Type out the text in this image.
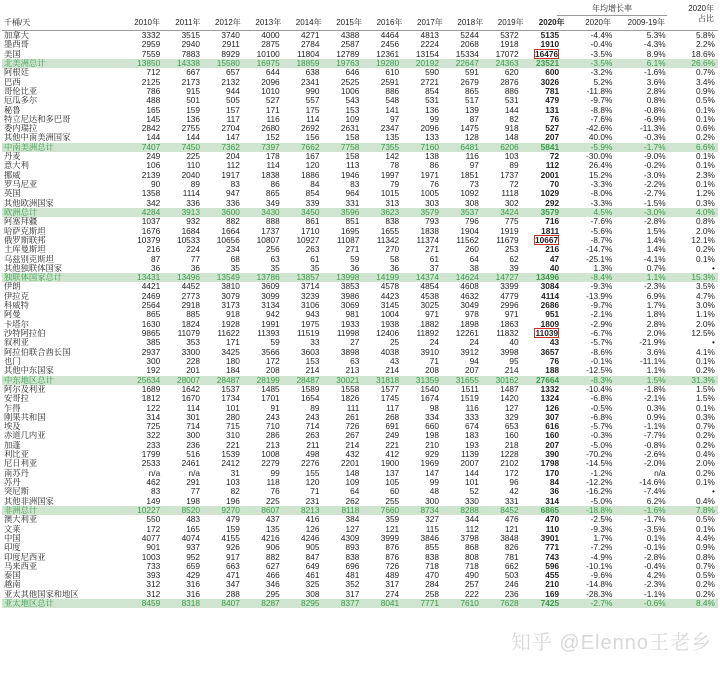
千桶/天
年均增长率
2010年	2011年	2012年	2013年	2014年	2015年	2016年	2017年	2018年	2019年	2020年	2020年	2009-19年
2020年
占比
加拿大	3332	3515	3740	4000	4271	4388	4464	4813	5244	5372	5135	-4.4%	5.3%	5.8%
墨西哥	2959	2940	2911	2875	2784	2587	2456	2224	2068	1918	1910	-0.4%	-4.3%	2.2%
美国	7559	7883	8929	10100	11804	12789	12361	13154	15334	17072	16476	-3.5%	8.9%	18.6%
北美洲总计	13850	14338	15580	16975	18859	19763	19280	20192	22647	24363	23521	-3.5%	6.1%	26.6%
阿根廷	712	667	657	644	638	646	610	590	591	620	600	-3.2%	-1.6%	0.7%
巴西	2125	2173	2132	2096	2341	2525	2591	2721	2679	2876	3026	5.2%	3.6%	3.4%
哥伦比亚	786	915	944	1010	990	1006	886	854	865	886	781	-11.8%	2.8%	0.9%
厄瓜多尔	488	501	505	527	557	543	548	531	517	531	479	-9.7%	0.8%	0.5%
秘鲁	165	159	157	171	175	153	141	136	139	144	131	-8.8%	-0.8%	0.1%
特立尼达和多巴哥	145	136	117	116	114	109	97	99	87	82	76	-7.6%	-6.9%	0.1%
委内瑞拉	2842	2755	2704	2680	2692	2631	2347	2096	1475	918	527	-42.6%	-11.3%	0.6%
其他中南美洲国家	144	144	147	152	156	158	135	133	128	148	207	40.0%	-0.3%	0.2%
中南美洲总计	7407	7450	7362	7397	7662	7758	7355	7160	6481	6206	5841	-5.9%	-1.7%	6.6%
丹麦	249	225	204	178	167	158	142	138	116	103	72	-30.0%	-9.0%	0.1%
意大利	106	110	112	114	120	113	78	86	97	89	112	26.4%	-0.2%	0.1%
挪威	2139	2040	1917	1838	1886	1946	1997	1971	1851	1737	2001	15.2%	-3.0%	2.3%
罗马尼亚	90	89	83	86	84	83	79	76	73	72	70	-3.3%	-2.2%	0.1%
英国	1358	1114	947	865	854	964	1015	1005	1092	1118	1029	-8.0%	-2.7%	1.2%
其他欧洲国家	342	336	336	349	339	331	313	303	308	302	292	-3.3%	-1.5%	0.3%
欧洲总计	4284	3913	3600	3430	3450	3596	3623	3579	3537	3424	3579	4.5%	-3.0%	4.0%
阿塞拜疆	1037	932	882	888	861	851	838	793	796	775	716	-7.6%	-2.8%	0.8%
哈萨克斯坦	1676	1684	1664	1737	1710	1695	1655	1838	1904	1919	1811	-5.6%	1.5%	2.0%
俄罗斯联邦	10379	10533	10656	10807	10927	11087	11342	11374	11562	11679	10667	-8.7%	1.4%	12.1%
土库曼斯坦	216	224	234	256	263	271	270	271	260	253	216	-14.7%	1.4%	0.2%
乌兹别克斯坦	87	77	68	63	61	59	58	61	64	62	47	-25.1%	-4.1%	0.1%
其他独联体国家	36	36	35	35	35	36	36	37	38	39	40	1.3%	0.7%	•
独联体国家总计	13431	13496	13549	13786	13857	13998	14199	14374	14624	14727	13496	-8.4%	1.1%	15.3%
伊朗	4421	4452	3810	3609	3714	3853	4578	4854	4608	3399	3084	-9.3%	-2.3%	3.5%
伊拉克	2469	2773	3079	3099	3239	3986	4423	4538	4632	4779	4114	-13.9%	6.9%	4.7%
科威特	2564	2918	3173	3134	3106	3069	3145	3025	3049	2996	2686	-9.7%	1.7%	3.0%
阿曼	865	885	918	942	943	981	1004	971	978	971	951	-2.1%	1.8%	1.1%
卡塔尔	1630	1824	1928	1991	1975	1933	1938	1882	1898	1863	1809	-2.9%	2.8%	2.0%
沙特阿拉伯	9865	11079	11622	11393	11519	11998	12406	11892	12261	11832	11039	-6.7%	2.0%	12.5%
叙利亚	385	353	171	59	33	27	25	24	24	40	43	-5.7%	-21.9%	•
阿拉伯联合酋长国	2937	3300	3425	3566	3603	3898	4038	3910	3912	3998	3657	-8.6%	3.6%	4.1%
也门	300	228	180	172	153	63	43	71	94	95	76	-0.1%	-11.1%	0.1%
其他中东国家	192	201	184	208	214	213	214	208	207	214	188	-12.5%	1.1%	0.2%
中东地区总计	25634	28007	28487	28199	28487	30021	31818	31359	31655	30162	27664	-8.3%	1.5%	31.3%
阿尔及利亚	1689	1642	1537	1485	1589	1558	1577	1540	1511	1487	1332	-10.4%	-1.8%	1.5%
安哥拉	1812	1670	1734	1701	1654	1826	1745	1674	1519	1420	1324	-6.8%	-2.1%	1.5%
乍得	122	114	101	91	89	111	117	98	116	127	126	-0.5%	0.3%	0.1%
刚果共和国	314	301	280	243	243	261	268	334	333	329	307	-6.8%	0.9%	0.3%
埃及	725	714	715	710	714	726	691	660	674	653	616	-5.7%	-1.1%	0.7%
赤道几内亚	322	300	310	286	263	267	249	198	183	160	160	-0.3%	-7.7%	0.2%
加蓬	233	236	221	213	211	214	221	210	193	218	207	-5.0%	-0.8%	0.2%
利比亚	1799	516	1539	1008	498	432	412	929	1139	1228	390	-70.2%	-2.6%	0.4%
尼日利亚	2533	2461	2412	2279	2276	2201	1900	1969	2007	2102	1798	-14.5%	-2.0%	2.0%
南苏丹	n/a	n/a	31	99	155	148	137	147	144	172	170	-1.2%	n/a	0.2%
苏丹	462	291	103	118	120	109	105	99	101	96	84	-12.2%	-14.6%	0.1%
突尼斯	83	77	82	76	71	64	60	48	52	42	36	-16.2%	-7.4%	•
其他非洲国家	149	198	196	225	231	262	255	300	330	331	314	-5.0%	6.2%	0.4%
非洲总计	10227	8520	9270	8607	8213	8118	7660	8734	8288	8452	6865	-18.8%	-1.6%	7.8%
澳大利亚	550	483	479	437	416	384	359	327	344	476	470	-2.5%	-1.7%	0.5%
文莱	172	165	159	135	126	127	121	115	112	121	110	-9.3%	-3.5%	0.1%
中国	4077	4074	4155	4216	4246	4309	3999	3846	3798	3848	3901	1.7%	0.1%	4.4%
印度	901	937	926	906	905	893	876	855	868	826	771	-7.2%	-0.1%	0.9%
印度尼西亚	1003	952	917	882	847	838	876	838	808	781	743	-4.9%	-2.8%	0.8%
马来西亚	733	659	663	627	649	696	726	718	718	662	596	-10.1%	-0.4%	0.7%
泰国	393	429	471	466	461	481	489	470	490	503	455	-9.6%	4.2%	0.5%
越南	312	316	347	346	325	352	317	284	257	246	210	-14.8%	-2.3%	0.2%
亚太其他国家和地区	312	316	288	295	308	317	274	258	222	236	169	-28.3%	-1.1%	0.2%
亚太地区总计	8459	8318	8407	8287	8295	8377	8041	7771	7610	7628	7425	-2.7%	-0.6%	8.4%
知乎 @Elenno王老乡
